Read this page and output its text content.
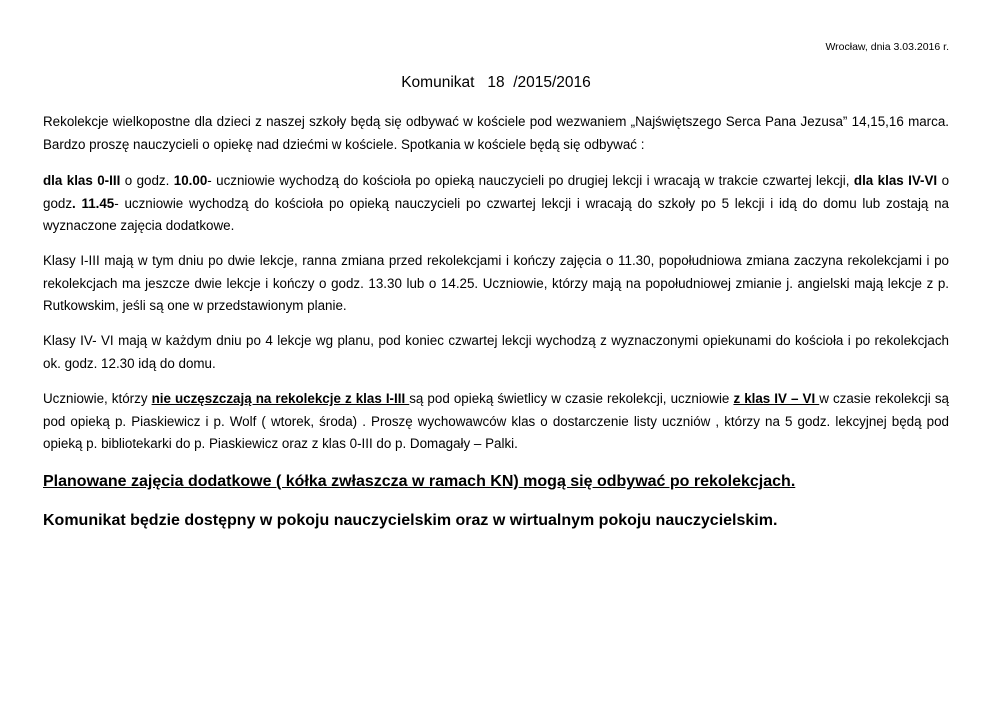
Wrocław, dnia 3.03.2016 r.
Komunikat   18  /2015/2016

Rekolekcje wielkopostne dla dzieci z naszej szkoły będą się odbywać w kościele pod wezwaniem „Najświętszego Serca Pana Jezusa” 14,15,16 marca. Bardzo proszę nauczycieli o opiekę nad dziećmi w kościele. Spotkania w kościele będą się odbywać :

dla klas 0-III o godz. 10.00- uczniowie wychodzą do kościoła po opieką nauczycieli po drugiej lekcji i wracają w trakcie czwartej lekcji, dla klas IV-VI o godz. 11.45- uczniowie wychodzą do kościoła po opieką nauczycieli po czwartej lekcji i wracają do szkoły po 5 lekcji i idą do domu lub zostają na wyznaczone zajęcia dodatkowe.

Klasy I-III mają w tym dniu po dwie lekcje, ranna zmiana przed rekolekcjami i kończy zajęcia o 11.30, popołudniowa zmiana zaczyna rekolekcjami i po rekolekcjach ma jeszcze dwie lekcje i kończy o godz. 13.30 lub o 14.25. Uczniowie, którzy mają na popołudniowej zmianie j. angielski mają lekcje z p. Rutkowskim, jeśli są one w przedstawionym planie.

Klasy IV- VI mają w każdym dniu po 4 lekcje wg planu, pod koniec czwartej lekcji wychodzą z wyznaczonymi opiekunami do kościoła i po rekolekcjach ok. godz. 12.30 idą do domu.

Uczniowie, którzy nie uczęszczają na rekolekcje z klas I-III są pod opieką świetlicy w czasie rekolekcji, uczniowie z klas IV – VI w czasie rekolekcji są pod opieką p. Piaskiewicz i p. Wolf ( wtorek, środa) . Proszę wychowawców klas o dostarczenie listy uczniów , którzy na 5 godz. lekcyjnej będą pod opieką p. bibliotekarki do p. Piaskiewicz oraz z klas 0-III do p. Domagały – Palki.

Planowane zajęcia dodatkowe ( kółka zwłaszcza w ramach KN) mogą się odbywać po rekolekcjach.
Komunikat będzie dostępny w pokoju nauczycielskim oraz w wirtualnym pokoju nauczycielskim.
